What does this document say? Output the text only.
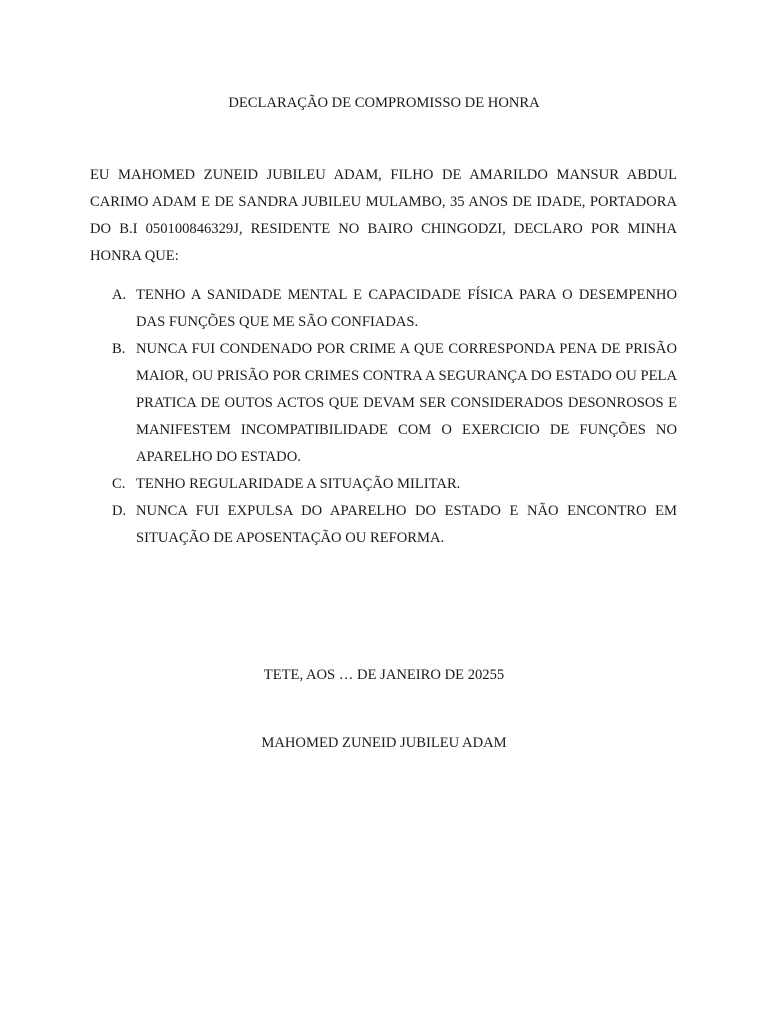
DECLARAÇÃO DE COMPROMISSO DE HONRA
EU MAHOMED ZUNEID JUBILEU ADAM, FILHO DE AMARILDO MANSUR ABDUL CARIMO ADAM E DE SANDRA JUBILEU MULAMBO, 35 ANOS DE IDADE, PORTADORA DO B.I 050100846329J, RESIDENTE NO BAIRO CHINGODZI, DECLARO POR MINHA HONRA QUE:
A. TENHO A SANIDADE MENTAL E CAPACIDADE FÍSICA PARA O DESEMPENHO DAS FUNÇÕES QUE ME SÃO CONFIADAS.
B. NUNCA FUI CONDENADO POR CRIME A QUE CORRESPONDA PENA DE PRISÃO MAIOR, OU PRISÃO POR CRIMES CONTRA A SEGURANÇA DO ESTADO OU PELA PRATICA DE OUTOS ACTOS QUE DEVAM SER CONSIDERADOS DESONROSOS E MANIFESTEM INCOMPATIBILIDADE COM O EXERCICIO DE FUNÇÕES NO APARELHO DO ESTADO.
C. TENHO REGULARIDADE A SITUAÇÃO MILITAR.
D. NUNCA FUI EXPULSA DO APARELHO DO ESTADO E NÃO ENCONTRO EM SITUAÇÃO DE APOSENTAÇÃO OU REFORMA.
TETE, AOS … DE JANEIRO DE 20255
MAHOMED ZUNEID JUBILEU ADAM
